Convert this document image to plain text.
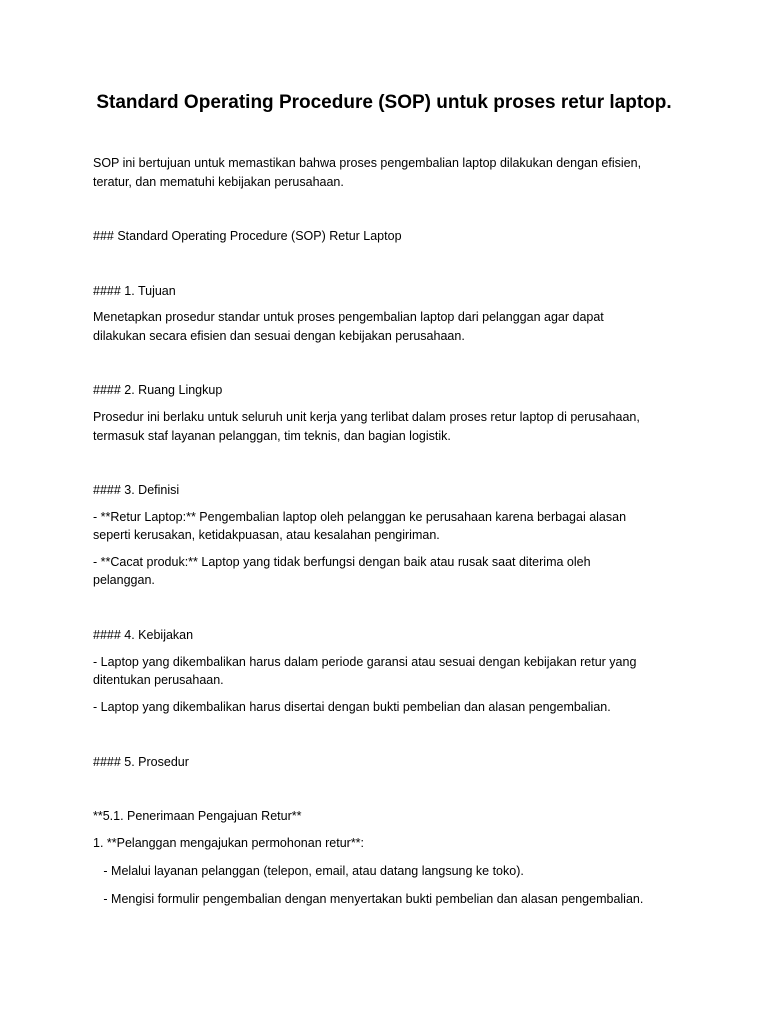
Standard Operating Procedure (SOP) untuk proses retur laptop.
SOP ini bertujuan untuk memastikan bahwa proses pengembalian laptop dilakukan dengan efisien,
teratur, dan mematuhi kebijakan perusahaan.
### Standard Operating Procedure (SOP) Retur Laptop
#### 1. Tujuan
Menetapkan prosedur standar untuk proses pengembalian laptop dari pelanggan agar dapat
dilakukan secara efisien dan sesuai dengan kebijakan perusahaan.
#### 2. Ruang Lingkup
Prosedur ini berlaku untuk seluruh unit kerja yang terlibat dalam proses retur laptop di perusahaan,
termasuk staf layanan pelanggan, tim teknis, dan bagian logistik.
#### 3. Definisi
- **Retur Laptop:** Pengembalian laptop oleh pelanggan ke perusahaan karena berbagai alasan
seperti kerusakan, ketidakpuasan, atau kesalahan pengiriman.
- **Cacat produk:** Laptop yang tidak berfungsi dengan baik atau rusak saat diterima oleh
pelanggan.
#### 4. Kebijakan
- Laptop yang dikembalikan harus dalam periode garansi atau sesuai dengan kebijakan retur yang
ditentukan perusahaan.
- Laptop yang dikembalikan harus disertai dengan bukti pembelian dan alasan pengembalian.
#### 5. Prosedur
**5.1. Penerimaan Pengajuan Retur**
1. **Pelanggan mengajukan permohonan retur**:
- Melalui layanan pelanggan (telepon, email, atau datang langsung ke toko).
- Mengisi formulir pengembalian dengan menyertakan bukti pembelian dan alasan pengembalian.
